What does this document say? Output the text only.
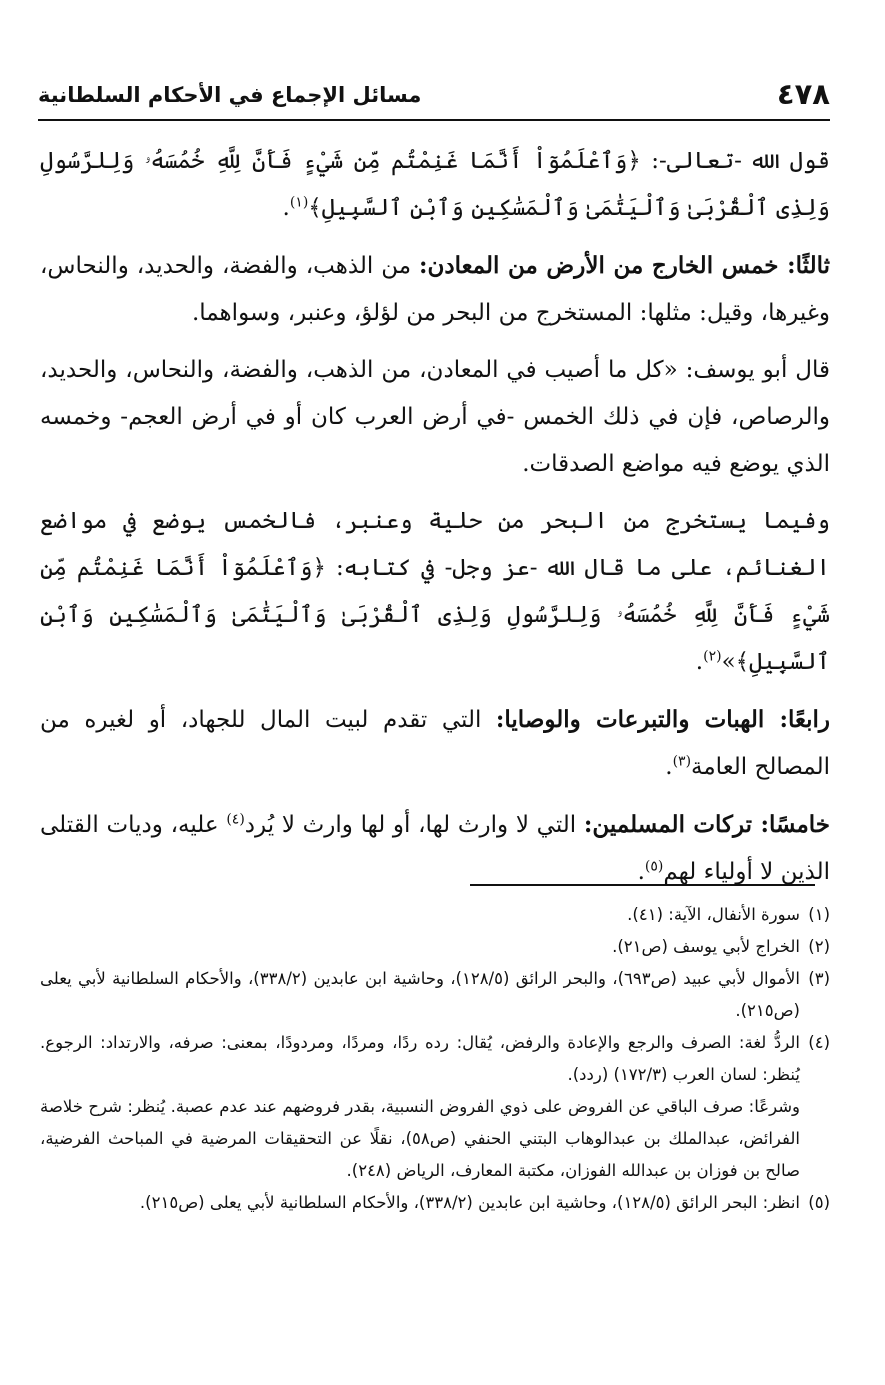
٤٧٨
مسائل الإجماع في الأحكام السلطانية

قول الله -تعالى-: ﴿وَٱعْلَمُوٓاْ أَنَّمَا غَنِمْتُم مِّن شَيْءٍ فَأَنَّ لِلَّهِ خُمُسَهُۥ وَلِلرَّسُولِ وَلِذِى ٱلْقُرْبَىٰ وَٱلْيَتَٰمَىٰ وَٱلْمَسَٰكِينِ وَٱبْنِ ٱلسَّبِيلِ﴾$^{(١)}$.

ثالثًا: خمس الخارج من الأرض من المعادن: من الذهب، والفضة، والحديد، والنحاس، وغيرها، وقيل: مثلها: المستخرج من البحر من لؤلؤ، وعنبر، وسواهما.

قال أبو يوسف: «كل ما أصيب في المعادن، من الذهب، والفضة، والنحاس، والحديد، والرصاص، فإن في ذلك الخمس -في أرض العرب كان أو في أرض العجم- وخمسه الذي يوضع فيه مواضع الصدقات.

وفيما يستخرج من البحر من حلية وعنبر، فالخمس يوضع في مواضع الغنائم، على ما قال الله -عز وجل- في كتابه: ﴿وَٱعْلَمُوٓاْ أَنَّمَا غَنِمْتُم مِّن شَيْءٍ فَأَنَّ لِلَّهِ خُمُسَهُۥ وَلِلرَّسُولِ وَلِذِى ٱلْقُرْبَىٰ وَٱلْيَتَٰمَىٰ وَٱلْمَسَٰكِينِ وَٱبْنِ ٱلسَّبِيلِ﴾»$^{(٢)}$.

رابعًا: الهبات والتبرعات والوصايا: التي تقدم لبيت المال للجهاد، أو لغيره من المصالح العامة$^{(٣)}$.

خامسًا: تركات المسلمين: التي لا وارث لها، أو لها وارث لا يُرد$^{(٤)}$ عليه، وديات القتلى الذين لا أولياء لهم$^{(٥)}$.

(١)
سورة الأنفال، الآية: (٤١).
(٢)
الخراج لأبي يوسف (ص٢١).
(٣)
الأموال لأبي عبيد (ص٦٩٣)، والبحر الرائق (١٢٨/٥)، وحاشية ابن عابدين (٣٣٨/٢)، والأحكام السلطانية لأبي يعلى (ص٢١٥).
(٤)
الردُّ لغة: الصرف والرجع والإعادة والرفض، يُقال: رده ردًا، ومردًا، ومردودًا، بمعنى: صرفه، والارتداد: الرجوع. يُنظر: لسان العرب (١٧٢/٣) (ردد).
وشرعًا: صرف الباقي عن الفروض على ذوي الفروض النسبية، بقدر فروضهم عند عدم عصبة. يُنظر: شرح خلاصة الفرائض، عبدالملك بن عبدالوهاب البتني الحنفي (ص٥٨)، نقلًا عن التحقيقات المرضية في المباحث الفرضية، صالح بن فوزان بن عبدالله الفوزان، مكتبة المعارف، الرياض (٢٤٨).
(٥)
انظر: البحر الرائق (١٢٨/٥)، وحاشية ابن عابدين (٣٣٨/٢)، والأحكام السلطانية لأبي يعلى (ص٢١٥).
